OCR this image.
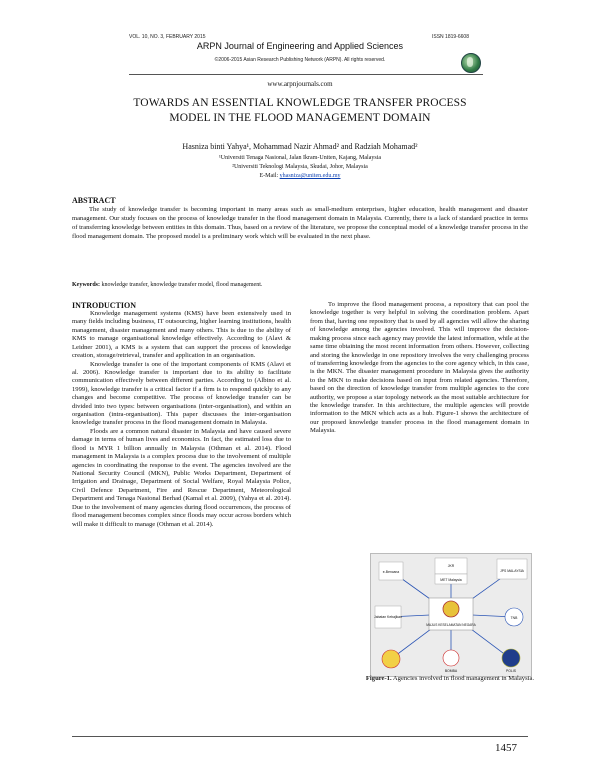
VOL. 10, NO. 3, FEBRUARY 2015	ISSN 1819-6608
ARPN Journal of Engineering and Applied Sciences
©2006-2015 Asian Research Publishing Network (ARPN). All rights reserved.
www.arpnjournals.com
TOWARDS AN ESSENTIAL KNOWLEDGE TRANSFER PROCESS
MODEL IN THE FLOOD MANAGEMENT DOMAIN
Hasniza binti Yahya¹, Mohammad Nazir Ahmad² and Radziah Mohamad²
¹Universiti Tenaga Nasional, Jalan Ikram-Uniten, Kajang, Malaysia
²Universiti Teknologi Malaysia, Skudai, Johor, Malaysia
E-Mail: yhasniza@uniten.edu.my
ABSTRACT
The study of knowledge transfer is becoming important in many areas such as small-medium enterprises, higher education, health management and disaster management. Our study focuses on the process of knowledge transfer in the flood management domain in Malaysia. Currently, there is a lack of standard practice in terms of transferring knowledge between entities in this domain. Thus, based on a review of the literature, we propose the conceptual model of a knowledge transfer process in the flood management domain. The proposed model is a preliminary work which will be evaluated in the next phase.
Keywords: knowledge transfer, knowledge transfer model, flood management.
INTRODUCTION

Knowledge management systems (KMS) have been extensively used in many fields including business, IT outsourcing, higher learning institutions, health management, disaster management and many others. This is due to the ability of KMS to manage organisational knowledge effectively. According to (Alavi & Leidner 2001), a KMS is a system that can support the process of knowledge creation, storage/retrieval, transfer and application in an organisation.

Knowledge transfer is one of the important components of KMS (Alavi et al. 2006). Knowledge transfer is important due to its ability to facilitate communication effectively between different parties. According to (Albino et al. 1999), knowledge transfer is a critical factor if a firm is to respond quickly to any changes and become competitive. The process of knowledge transfer can be divided into two types: between organisations (inter-organisation), and within an organisation (intra-organisation). This paper discusses the inter-organisation knowledge transfer process in the flood management domain in Malaysia.

Floods are a common natural disaster in Malaysia and have caused severe damage in terms of human lives and economics. In fact, the estimated loss due to flood is MYR 1 billion annually in Malaysia (Othman et al. 2014). Flood management in Malaysia is a complex process due to the involvement of multiple agencies in coordinating the response to the event. The agencies involved are the National Security Council (MKN), Public Works Department, Department of Irrigation and Drainage, Department of Social Welfare, Royal Malaysia Police, Civil Defence Department, Fire and Rescue Department, Meteorological Department and Tenaga Nasional Berhad (Kamal et al. 2009), (Yahya et al. 2014). Due to the involvement of many agencies during flood occurrences, the process of flood management becomes complex since floods may occur across borders which will make it difficult to manage (Othman et al. 2014).

To improve the flood management process, a repository that can pool the knowledge together is very helpful in solving the coordination problem. Apart from that, having one repository that is used by all agencies will allow the sharing of knowledge among the agencies involved. This will improve the decision-making process since each agency may provide the latest information, while at the same time obtaining the most recent information from others. However, collecting and storing the knowledge in one repository involves the very challenging process of transferring knowledge from the agencies to the core agency which, in this case, is the MKN. The disaster management procedure in Malaysia gives the authority to the MKN to make decisions based on input from related agencies. Therefore, based on the direction of knowledge transfer from multiple agencies to the core authority, we propose a star topology network as the most suitable architecture for the knowledge transfer. In this architecture, the multiple agencies will provide information to the MKN which acts as a hub. Figure-1 shows the architecture of our proposed knowledge transfer process in the flood management domain in Malaysia.

MAJLIS KESELAMATAN NEGARA
e-Bencana
JKR
MET Malaysia
JPS MALAYSIA
Jabatan Kebajikan	TNB
BOMBA	POLIS
Figure-1. Agencies involved in flood management in Malaysia.
1457
